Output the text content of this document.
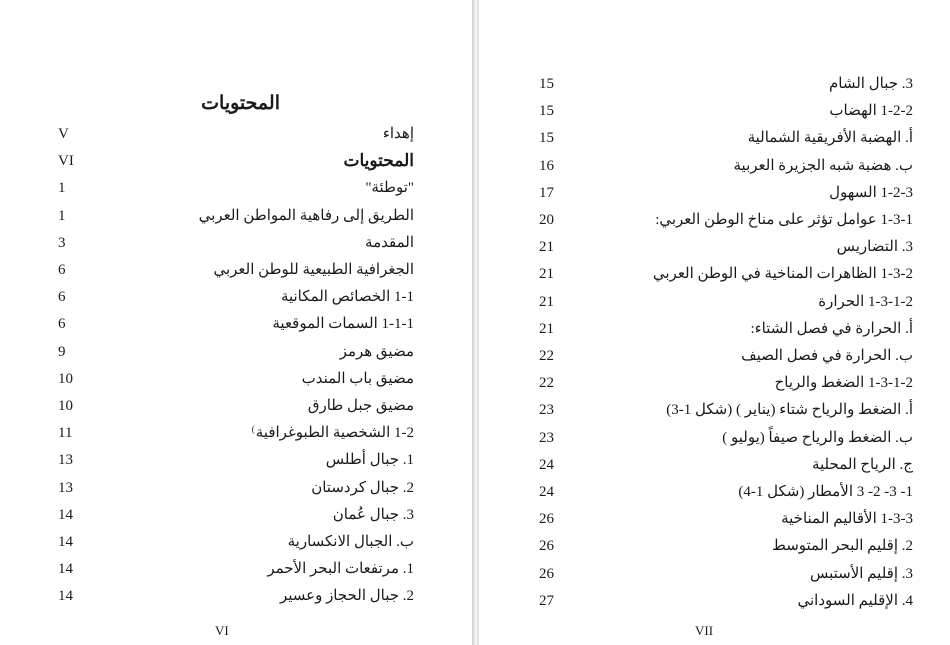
المحتويات
إهداء
V
المحتويات
VI
"توطئة"
1
الطريق إلى رفاهية المواطن العربي
1
المقدمة
3
الجغرافية الطبيعية للوطن العربي
6
1-1 الخصائص المكانية
6
1-1-1 السمات الموقعية
6
مضيق هرمز
9
مضيق باب المندب
10
مضيق جبل طارق
10
1-2 الشخصية الطبوغرافية
11	(
1. جبال أطلس
13
2. جبال كردستان
13
3. جبال عُمان
14
ب. الجبال الانكسارية
14
1. مرتفعات البحر الأحمر
14
2. جبال الحجاز وعسير
14
VI
3. جبال الشام
15
1-2-2 الهضاب
15
أ. الهضبة الأفريقية الشمالية
15
ب. هضبة شبه الجزيرة العربية
16
1-2-3 السهول
17
1-3-1 عوامل تؤثر على مناخ الوطن العربي:
20
3. التضاريس
21
1-3-2 الظاهرات المناخية في الوطن العربي
21
1-3-1-2 الحرارة
21
أ. الحرارة في فصل الشتاء:
21
ب. الحرارة في فصل الصيف
22
1-3-1-2 الضغط والرياح
22
أ. الضغط والرياح شتاء (يناير ) (شكل 1-3)
23
ب. الضغط والرياح صيفاً (يوليو )
23
ج. الرياح المحلية
24
1- 3- 2- 3 الأمطار (شكل 1-4)
24
1-3-3 الأقاليم المناخية
26
2. إقليم البحر المتوسط
26
3. إقليم الأستبس
26
4. الإقليم السوداني
27
VII
